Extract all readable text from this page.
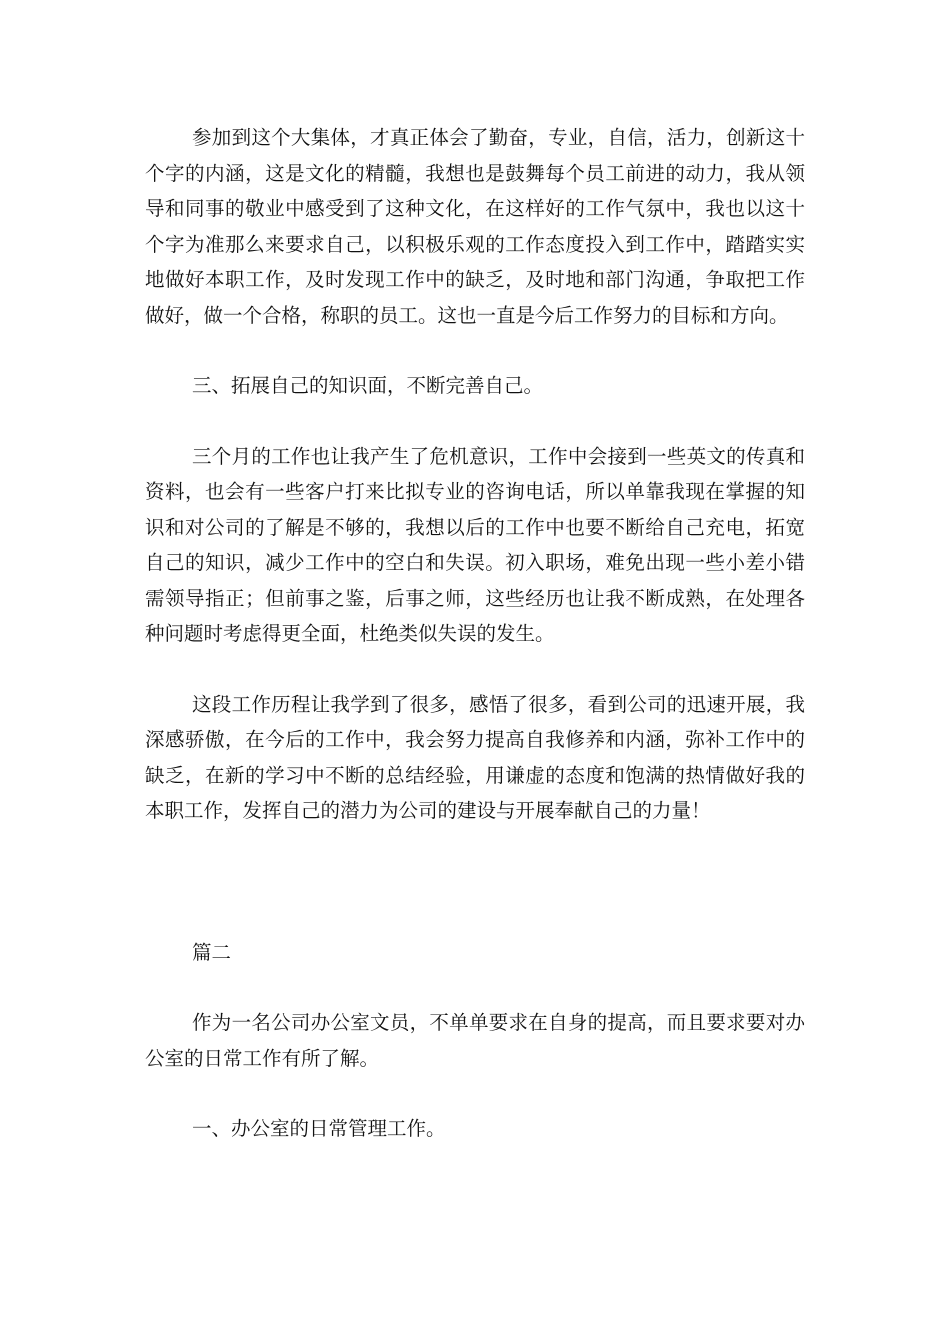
参加到这个大集体，才真正体会了勤奋，专业，自信，活力，创新这十个字的内涵，这是文化的精髓，我想也是鼓舞每个员工前进的动力，我从领导和同事的敬业中感受到了这种文化，在这样好的工作气氛中，我也以这十个字为准那么来要求自己，以积极乐观的工作态度投入到工作中，踏踏实实地做好本职工作，及时发现工作中的缺乏，及时地和部门沟通，争取把工作做好，做一个合格，称职的员工。这也一直是今后工作努力的目标和方向。

三、拓展自己的知识面，不断完善自己。

三个月的工作也让我产生了危机意识，工作中会接到一些英文的传真和资料，也会有一些客户打来比拟专业的咨询电话，所以单靠我现在掌握的知识和对公司的了解是不够的，我想以后的工作中也要不断给自己充电，拓宽自己的知识，减少工作中的空白和失误。初入职场，难免出现一些小差小错需领导指正；但前事之鉴，后事之师，这些经历也让我不断成熟，在处理各种问题时考虑得更全面，杜绝类似失误的发生。

这段工作历程让我学到了很多，感悟了很多，看到公司的迅速开展，我深感骄傲，在今后的工作中，我会努力提高自我修养和内涵，弥补工作中的缺乏，在新的学习中不断的总结经验，用谦虚的态度和饱满的热情做好我的本职工作，发挥自己的潜力为公司的建设与开展奉献自己的力量！

篇二

作为一名公司办公室文员，不单单要求在自身的提高，而且要求要对办公室的日常工作有所了解。

一、办公室的日常管理工作。
